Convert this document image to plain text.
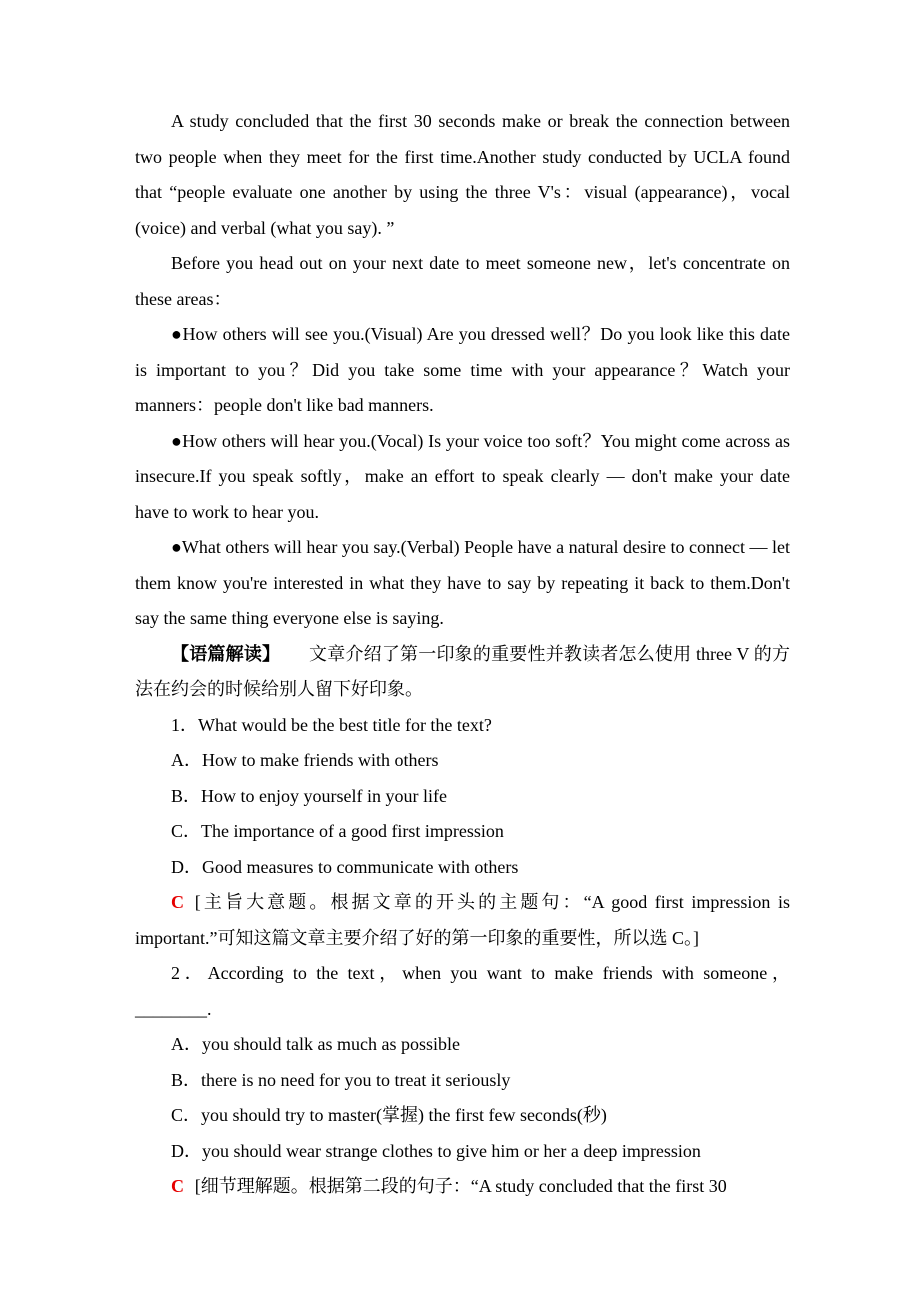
A study concluded that the first 30 seconds make or break the connection between two people when they meet for the first time.Another study conducted by UCLA found that “people evaluate one another by using the three V's：visual (appearance)，vocal (voice) and verbal (what you say). ”

Before you head out on your next date to meet someone new，let's concentrate on these areas：

●How others will see you.(Visual) Are you dressed well？Do you look like this date is important to you？Did you take some time with your appearance？Watch your manners：people don't like bad manners.

●How others will hear you.(Vocal) Is your voice too soft？You might come across as insecure.If you speak softly，make an effort to speak clearly — don't make your date have to work to hear you.

●What others will hear you say.(Verbal) People have a natural desire to connect — let them know you're interested in what they have to say by repeating it back to them.Don't say the same thing everyone else is saying.

【语篇解读】 文章介绍了第一印象的重要性并教读者怎么使用 three V 的方法在约会的时候给别人留下好印象。

1．What would be the best title for the text?

A．How to make friends with others

B．How to enjoy yourself in your life

C．The importance of a good first impression

D．Good measures to communicate with others

C [主旨大意题。根据文章的开头的主题句：“A good first impression is important.”可知这篇文章主要介绍了好的第一印象的重要性，所以选 C。]

2．According to the text，when you want to make friends with someone，________.

A．you should talk as much as possible

B．there is no need for you to treat it seriously

C．you should try to master(掌握) the first few seconds(秒)

D．you should wear strange clothes to give him or her a deep impression

C [细节理解题。根据第二段的句子：“A study concluded that the first 30
